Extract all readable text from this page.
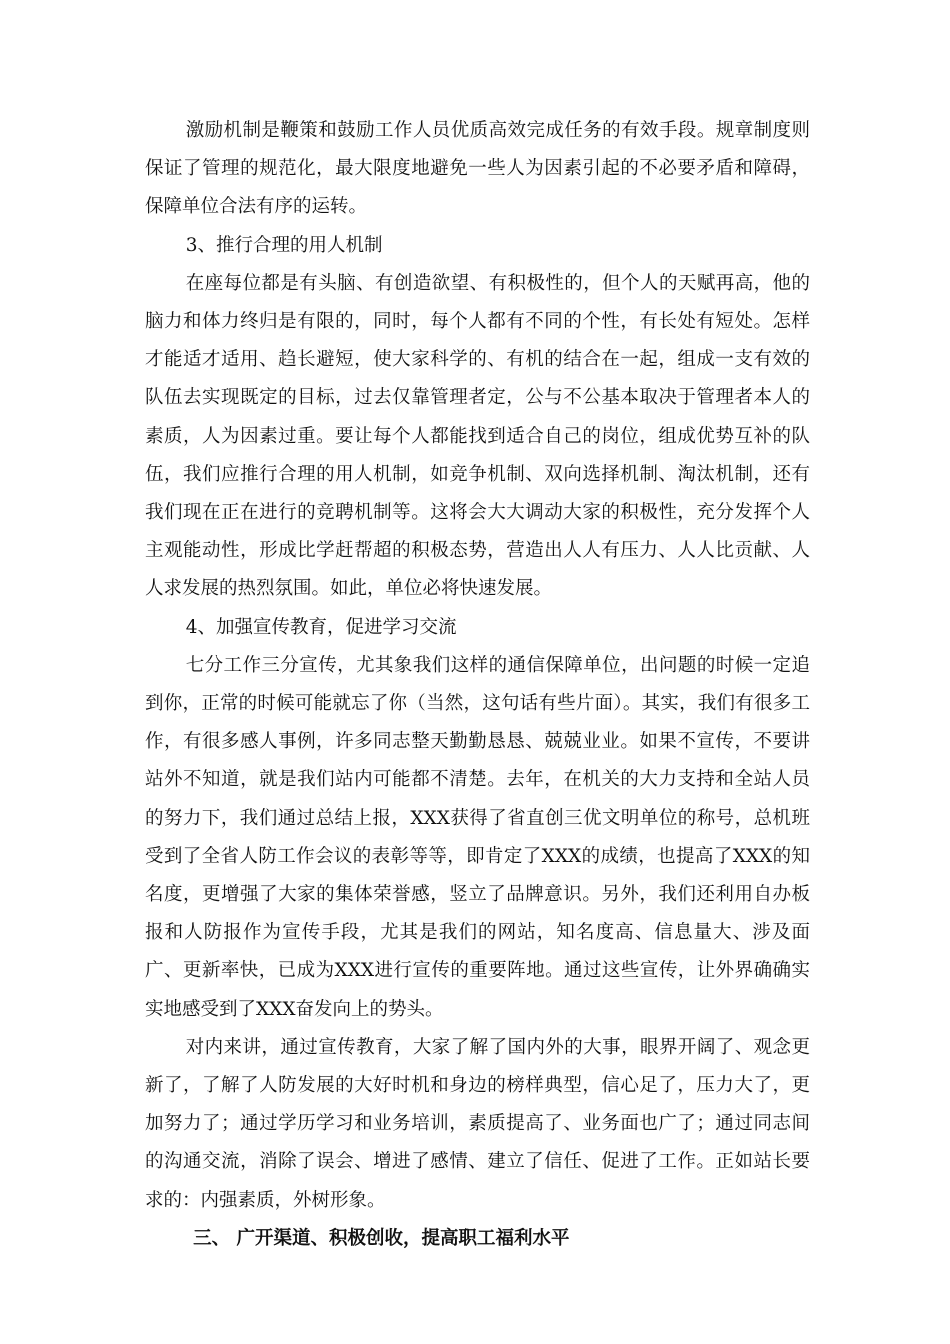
激励机制是鞭策和鼓励工作人员优质高效完成任务的有效手段。规章制度则保证了管理的规范化，最大限度地避免一些人为因素引起的不必要矛盾和障碍，保障单位合法有序的运转。

3、推行合理的用人机制

在座每位都是有头脑、有创造欲望、有积极性的，但个人的天赋再高，他的脑力和体力终归是有限的，同时，每个人都有不同的个性，有长处有短处。怎样才能适才适用、趋长避短，使大家科学的、有机的结合在一起，组成一支有效的队伍去实现既定的目标，过去仅靠管理者定，公与不公基本取决于管理者本人的素质，人为因素过重。要让每个人都能找到适合自己的岗位，组成优势互补的队伍，我们应推行合理的用人机制，如竞争机制、双向选择机制、淘汰机制，还有我们现在正在进行的竞聘机制等。这将会大大调动大家的积极性，充分发挥个人主观能动性，形成比学赶帮超的积极态势，营造出人人有压力、人人比贡献、人人求发展的热烈氛围。如此，单位必将快速发展。

4、加强宣传教育，促进学习交流

七分工作三分宣传，尤其象我们这样的通信保障单位，出问题的时候一定追到你，正常的时候可能就忘了你（当然，这句话有些片面）。其实，我们有很多工作，有很多感人事例，许多同志整天勤勤恳恳、兢兢业业。如果不宣传，不要讲站外不知道，就是我们站内可能都不清楚。去年，在机关的大力支持和全站人员的努力下，我们通过总结上报，XXX获得了省直创三优文明单位的称号，总机班受到了全省人防工作会议的表彰等等，即肯定了XXX的成绩，也提高了XXX的知名度，更增强了大家的集体荣誉感，竖立了品牌意识。另外，我们还利用自办板报和人防报作为宣传手段，尤其是我们的网站，知名度高、信息量大、涉及面广、更新率快，已成为XXX进行宣传的重要阵地。通过这些宣传，让外界确确实实地感受到了XXX奋发向上的势头。

对内来讲，通过宣传教育，大家了解了国内外的大事，眼界开阔了、观念更新了，了解了人防发展的大好时机和身边的榜样典型，信心足了，压力大了，更加努力了；通过学历学习和业务培训，素质提高了、业务面也广了；通过同志间的沟通交流，消除了误会、增进了感情、建立了信任、促进了工作。正如站长要求的：内强素质，外树形象。

三、 广开渠道、积极创收，提高职工福利水平
